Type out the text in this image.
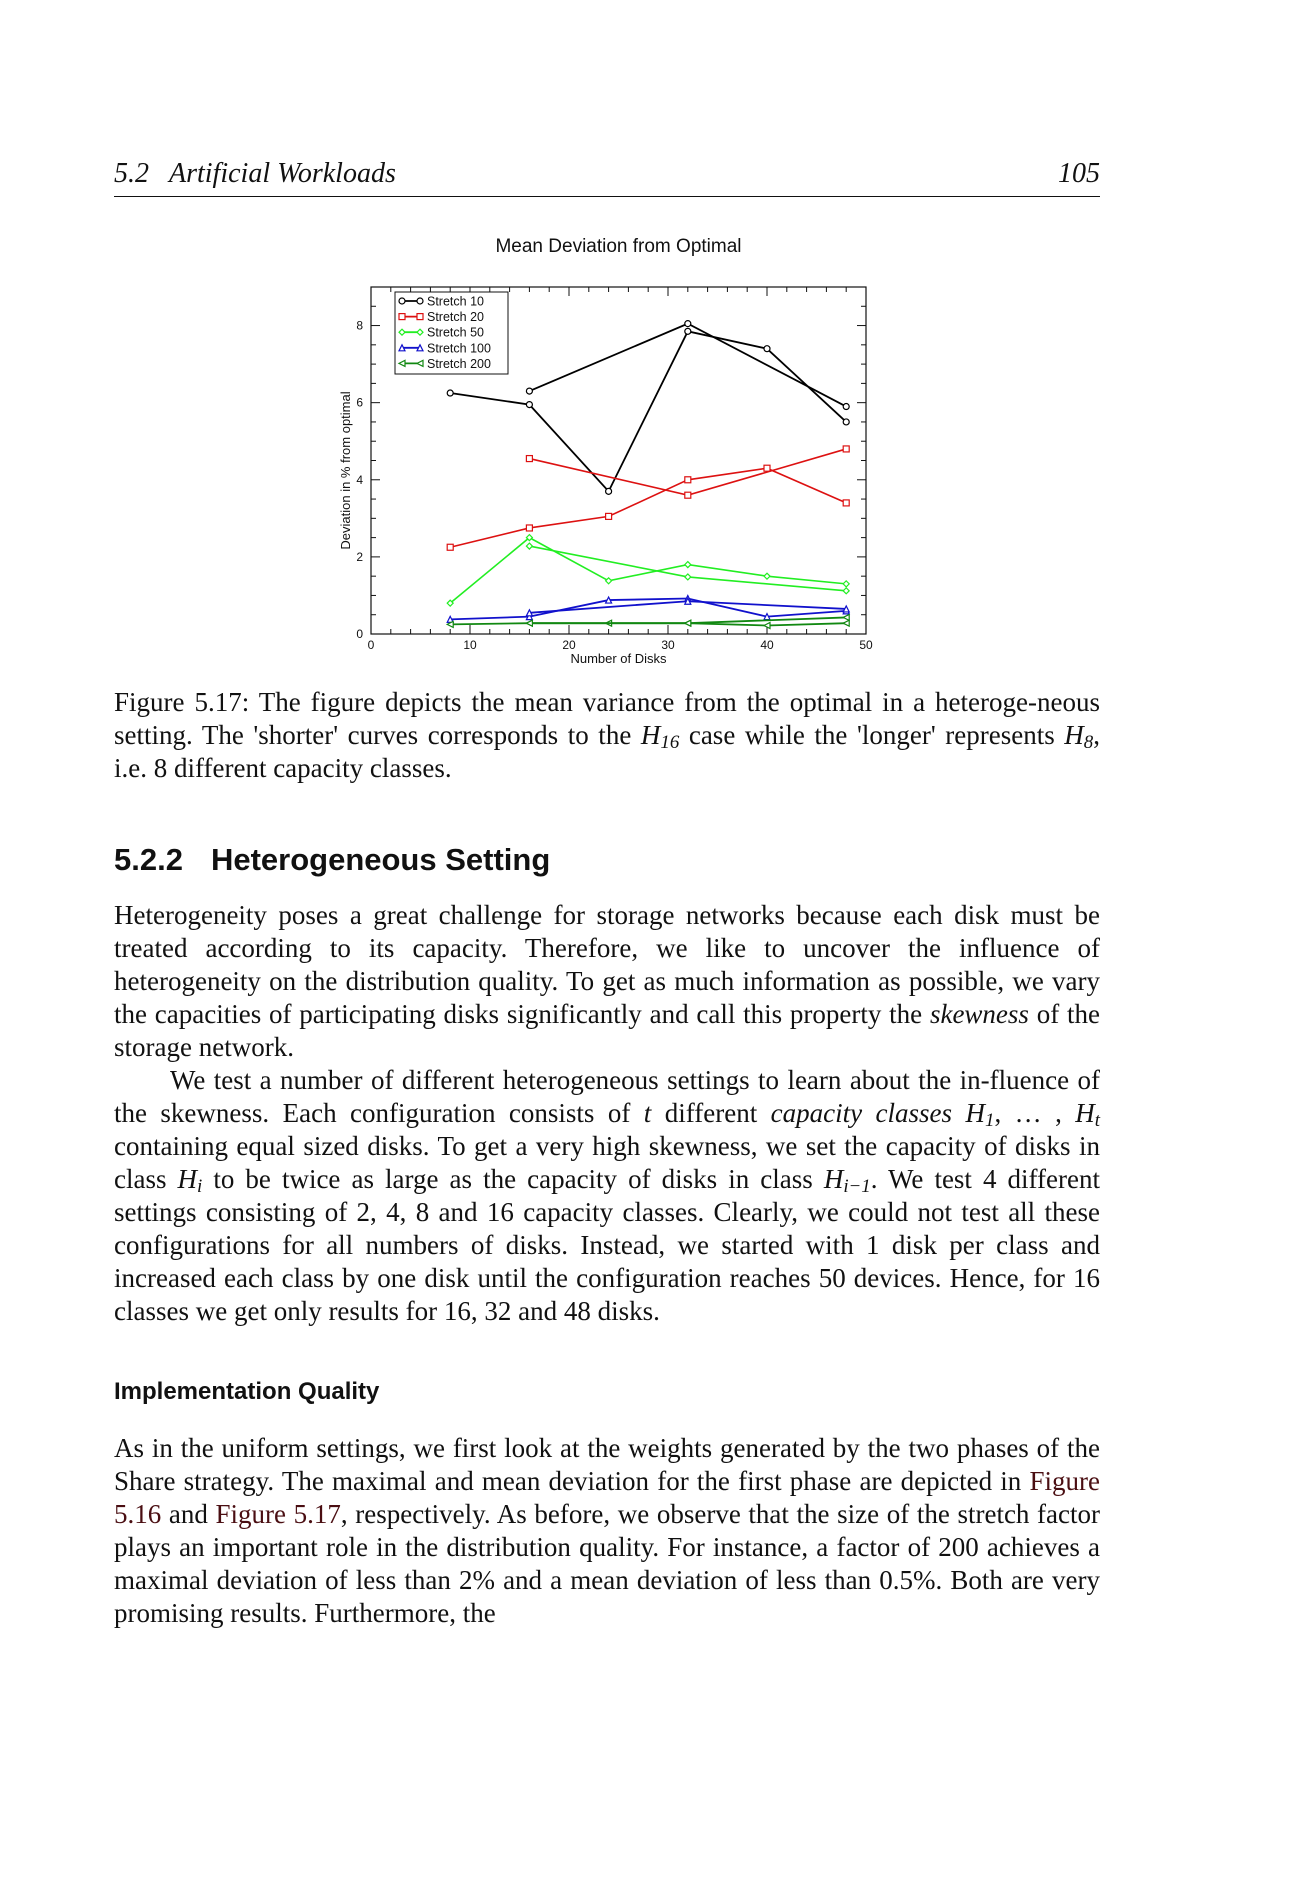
5.2 Artificial Workloads	105
Mean Deviation from Optimal
0	10	20	30	40	50
0
2
4
6
8
Number of Disks
Deviation in % from optimal
Stretch 10
Stretch 20
Stretch 50
Stretch 100
Stretch 200
Figure 5.17: The figure depicts the mean variance from the optimal in a heteroge-neous setting. The 'shorter' curves corresponds to the $H_{16}$ case while the 'longer' represents $H_8$, i.e. 8 different capacity classes.
5.2.2 Heterogeneous Setting

Heterogeneity poses a great challenge for storage networks because each disk must be treated according to its capacity. Therefore, we like to uncover the influence of heterogeneity on the distribution quality. To get as much information as possible, we vary the capacities of participating disks significantly and call this property the skewness of the storage network.

We test a number of different heterogeneous settings to learn about the in-fluence of the skewness. Each configuration consists of t different capacity classes $H_1$, … , $H_t$ containing equal sized disks. To get a very high skewness, we set the capacity of disks in class $H_i$ to be twice as large as the capacity of disks in class $H_{i-1}$. We test 4 different settings consisting of 2, 4, 8 and 16 capacity classes. Clearly, we could not test all these configurations for all numbers of disks. Instead, we started with 1 disk per class and increased each class by one disk until the configuration reaches 50 devices. Hence, for 16 classes we get only results for 16, 32 and 48 disks.

Implementation Quality

As in the uniform settings, we first look at the weights generated by the two phases of the Share strategy. The maximal and mean deviation for the first phase are depicted in Figure 5.16 and Figure 5.17, respectively. As before, we observe that the size of the stretch factor plays an important role in the distribution quality. For instance, a factor of 200 achieves a maximal deviation of less than 2% and a mean deviation of less than 0.5%. Both are very promising results. Furthermore, the
